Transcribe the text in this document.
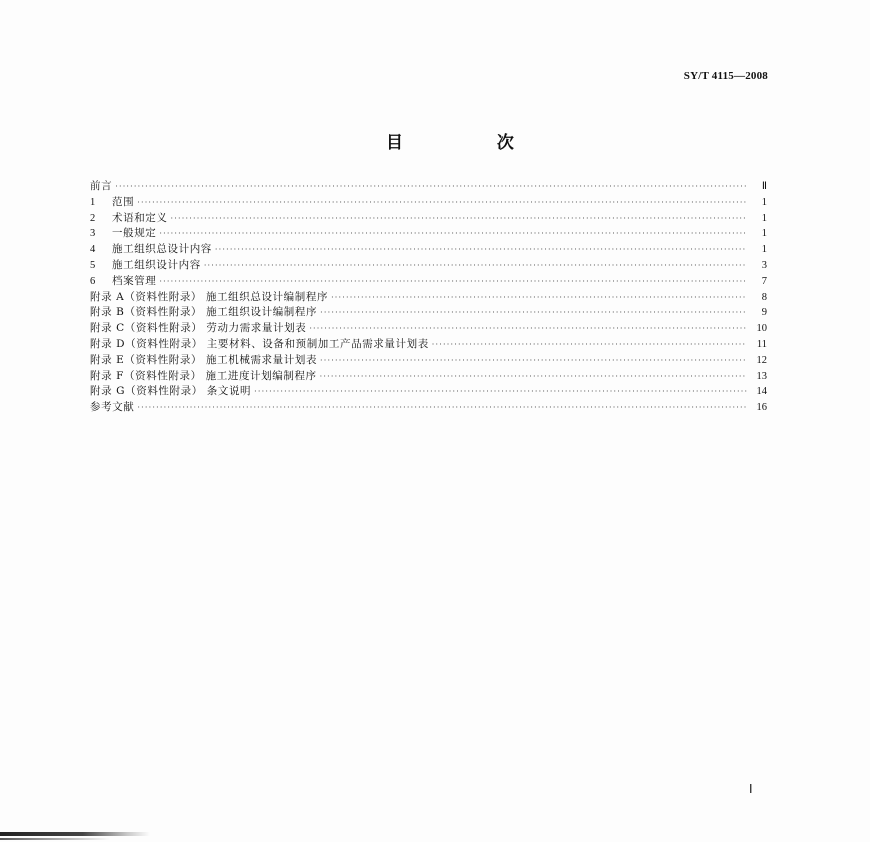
SY/T 4115—2008
目 次
前言 ·····	Ⅱ
1	范围 ·····	1
2	术语和定义 ·····	1
3	一般规定 ·····	1
4	施工组织总设计内容 ·····	1
5	施工组织设计内容 ·····	3
6	档案管理 ·····	7
附录 A（资料性附录） 施工组织总设计编制程序 ·····	8
附录 B（资料性附录） 施工组织设计编制程序 ·····	9
附录 C（资料性附录） 劳动力需求量计划表 ·····	10
附录 D（资料性附录） 主要材料、设备和预制加工产品需求量计划表 ·····	11
附录 E（资料性附录） 施工机械需求量计划表 ·····	12
附录 F（资料性附录） 施工进度计划编制程序 ·····	13
附录 G（资料性附录） 条文说明 ·····	14
参考文献 ·····	16
Ⅰ
